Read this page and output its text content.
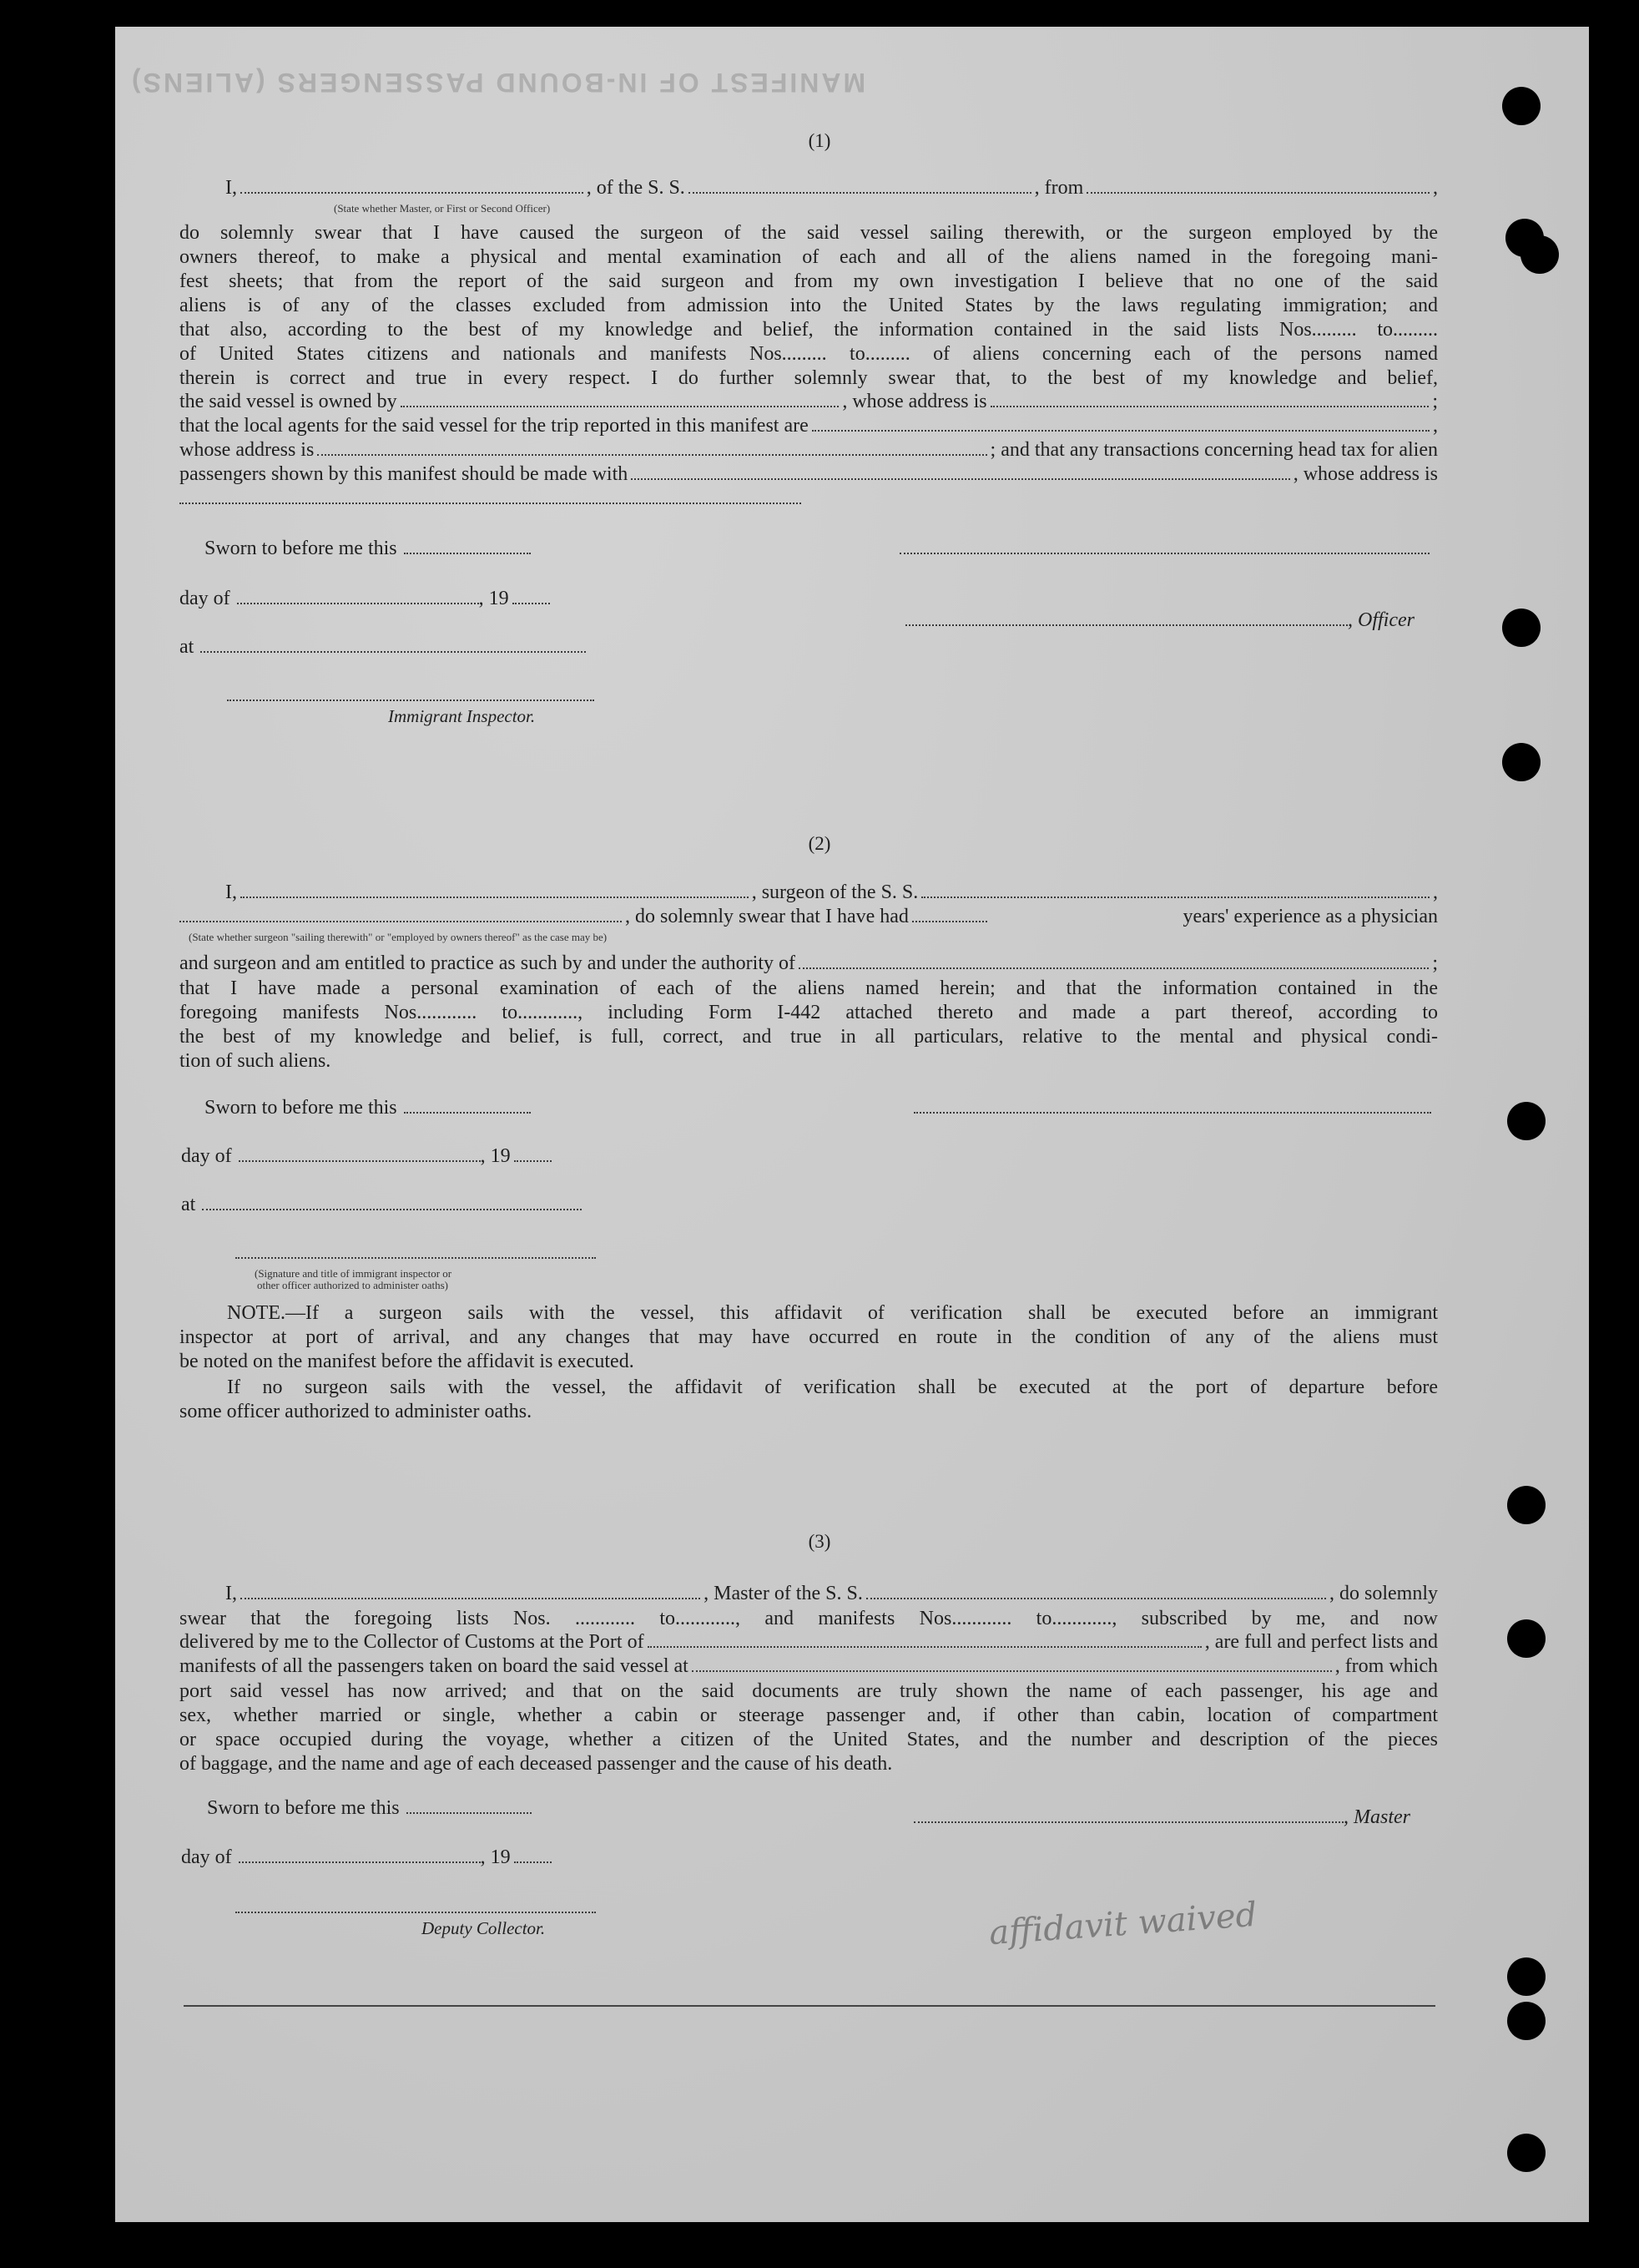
MANIFEST OF IN-BOUND PASSENGERS (ALIENS)
(1)
I,	, of the S. S.	, from	,
(State whether Master, or First or Second Officer)
do solemnly swear that I have caused the surgeon of the said vessel sailing therewith, or the surgeon employed by the
owners thereof, to make a physical and mental examination of each and all of the aliens named in the foregoing mani-
fest sheets; that from the report of the said surgeon and from my own investigation I believe that no one of the said
aliens is of any of the classes excluded from admission into the United States by the laws regulating immigration; and
that also, according to the best of my knowledge and belief, the information contained in the said lists Nos......... to.........
of United States citizens and nationals and manifests Nos......... to......... of aliens concerning each of the persons named
therein is correct and true in every respect. I do further solemnly swear that, to the best of my knowledge and belief,
the said vessel is owned by	, whose address is	;
that the local agents for the said vessel for the trip reported in this manifest are	,
whose address is	; and that any transactions concerning head tax for alien
passengers shown by this manifest should be made with	, whose address is
Sworn to before me this
day of	, 19
, Officer
at
Immigrant Inspector.
(2)
I,	, surgeon of the S. S.	,
, do solemnly swear that I have had	years' experience as a physician
(State whether surgeon "sailing therewith" or "employed by owners thereof" as the case may be)
and surgeon and am entitled to practice as such by and under the authority of	;
that I have made a personal examination of each of the aliens named herein; and that the information contained in the
foregoing manifests Nos............ to............, including Form I-442 attached thereto and made a part thereof, according to
the best of my knowledge and belief, is full, correct, and true in all particulars, relative to the mental and physical condi-
tion of such aliens.
Sworn to before me this
day of	, 19
at
(Signature and title of immigrant inspector or
other officer authorized to administer oaths)
NOTE.—If a surgeon sails with the vessel, this affidavit of verification shall be executed before an immigrant
inspector at port of arrival, and any changes that may have occurred en route in the condition of any of the aliens must
be noted on the manifest before the affidavit is executed.
If no surgeon sails with the vessel, the affidavit of verification shall be executed at the port of departure before
some officer authorized to administer oaths.
(3)
I,	, Master of the S. S.	, do solemnly
swear that the foregoing lists Nos. ............ to............, and manifests Nos............ to............, subscribed by me, and now
delivered by me to the Collector of Customs at the Port of	, are full and perfect lists and
manifests of all the passengers taken on board the said vessel at	, from which
port said vessel has now arrived; and that on the said documents are truly shown the name of each passenger, his age and
sex, whether married or single, whether a cabin or steerage passenger and, if other than cabin, location of compartment
or space occupied during the voyage, whether a citizen of the United States, and the number and description of the pieces
of baggage, and the name and age of each deceased passenger and the cause of his death.
Sworn to before me this	, Master
day of	, 19
Deputy Collector.	affidavit waived
